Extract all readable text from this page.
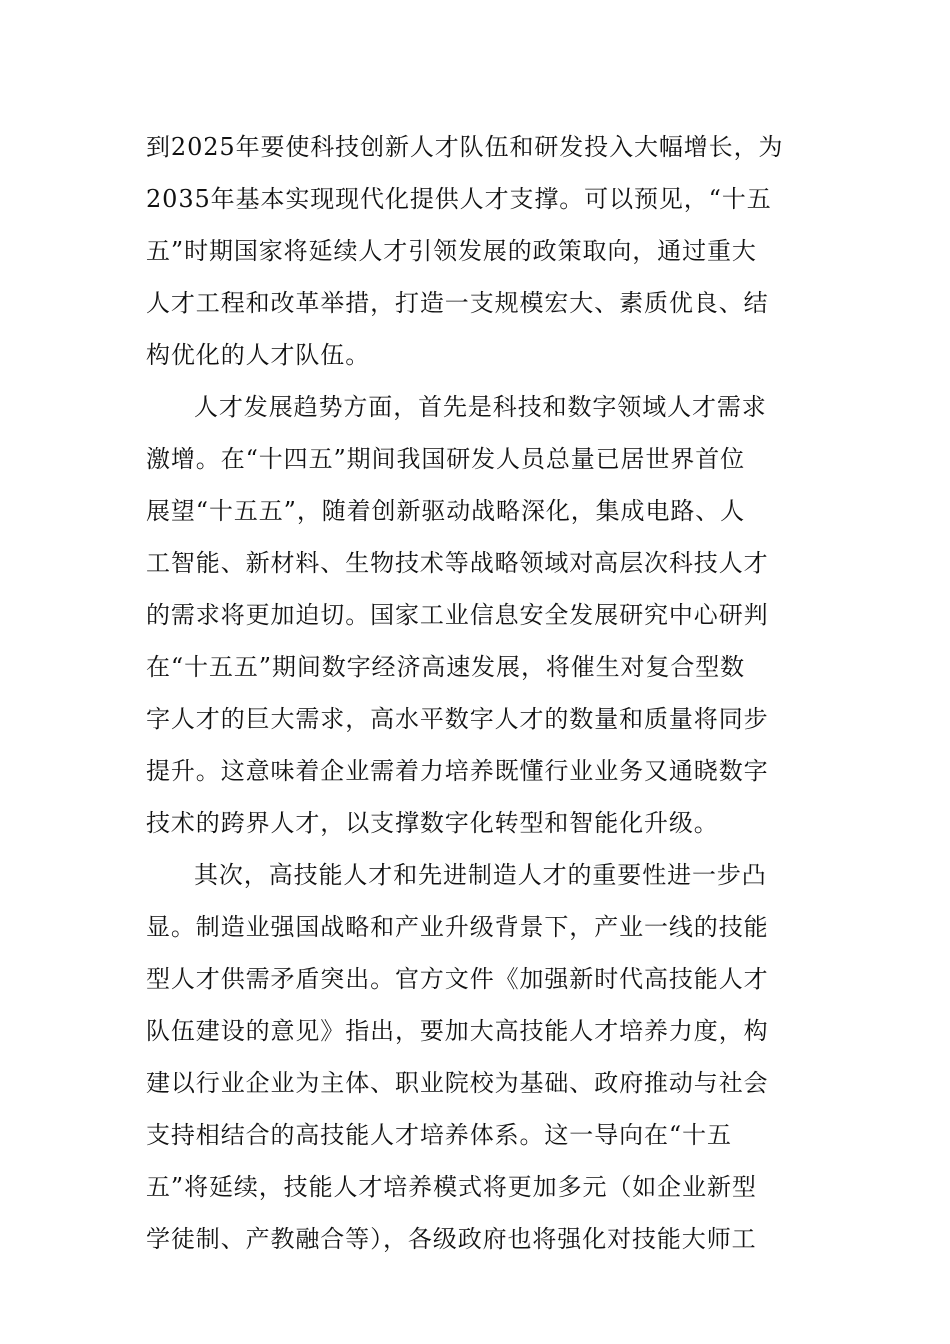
到2025年要使科技创新人才队伍和研发投入大幅增长，为
2035年基本实现现代化提供人才支撑。可以预见，“十五
五”时期国家将延续人才引领发展的政策取向，通过重大
人才工程和改革举措，打造一支规模宏大、素质优良、结
构优化的人才队伍。
人才发展趋势方面，首先是科技和数字领域人才需求
激增。在“十四五”期间我国研发人员总量已居世界首位
展望“十五五”，随着创新驱动战略深化，集成电路、人
工智能、新材料、生物技术等战略领域对高层次科技人才
的需求将更加迫切。国家工业信息安全发展研究中心研判
在“十五五”期间数字经济高速发展，将催生对复合型数
字人才的巨大需求，高水平数字人才的数量和质量将同步
提升。这意味着企业需着力培养既懂行业业务又通晓数字
技术的跨界人才，以支撑数字化转型和智能化升级。
其次，高技能人才和先进制造人才的重要性进一步凸
显。制造业强国战略和产业升级背景下，产业一线的技能
型人才供需矛盾突出。官方文件《加强新时代高技能人才
队伍建设的意见》指出，要加大高技能人才培养力度，构
建以行业企业为主体、职业院校为基础、政府推动与社会
支持相结合的高技能人才培养体系。这一导向在“十五
五”将延续，技能人才培养模式将更加多元（如企业新型
学徒制、产教融合等），各级政府也将强化对技能大师工
